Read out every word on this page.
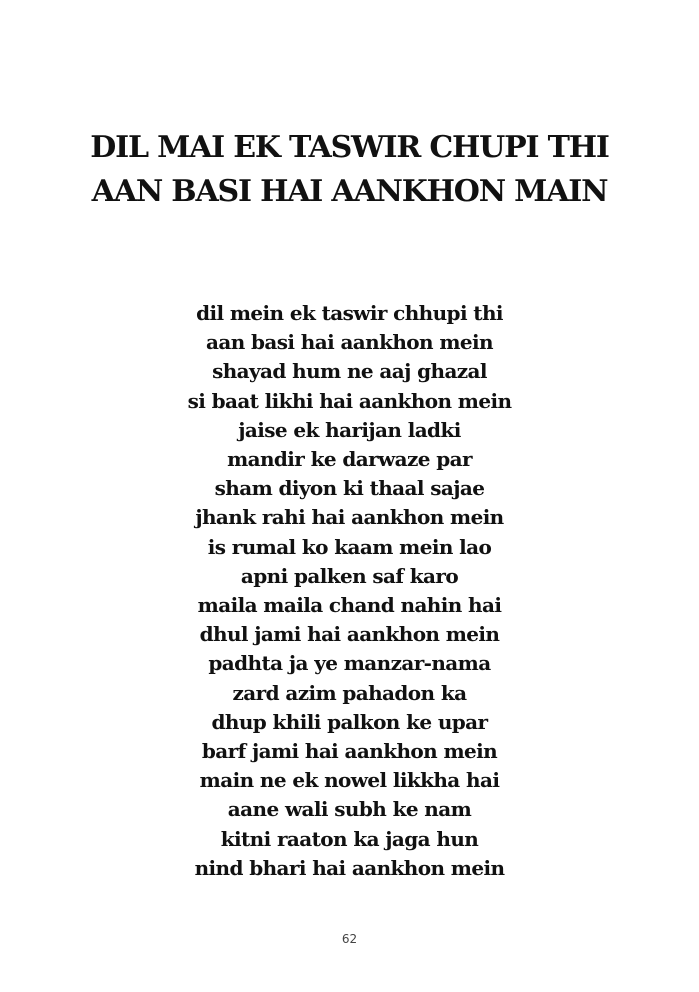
DIL MAI EK TASWIR CHUPI THI
AAN BASI HAI AANKHON MAIN
dil mein ek taswir chhupi thi
aan basi hai aankhon mein
shayad hum ne aaj ghazal
si baat likhi hai aankhon mein
jaise ek harijan ladki
mandir ke darwaze par
sham diyon ki thaal sajae
jhank rahi hai aankhon mein
is rumal ko kaam mein lao
apni palken saf karo
maila maila chand nahin hai
dhul jami hai aankhon mein
padhta ja ye manzar-nama
zard azim pahadon ka
dhup khili palkon ke upar
barf jami hai aankhon mein
main ne ek nowel likkha hai
aane wali subh ke nam
kitni raaton ka jaga hun
nind bhari hai aankhon mein
62
